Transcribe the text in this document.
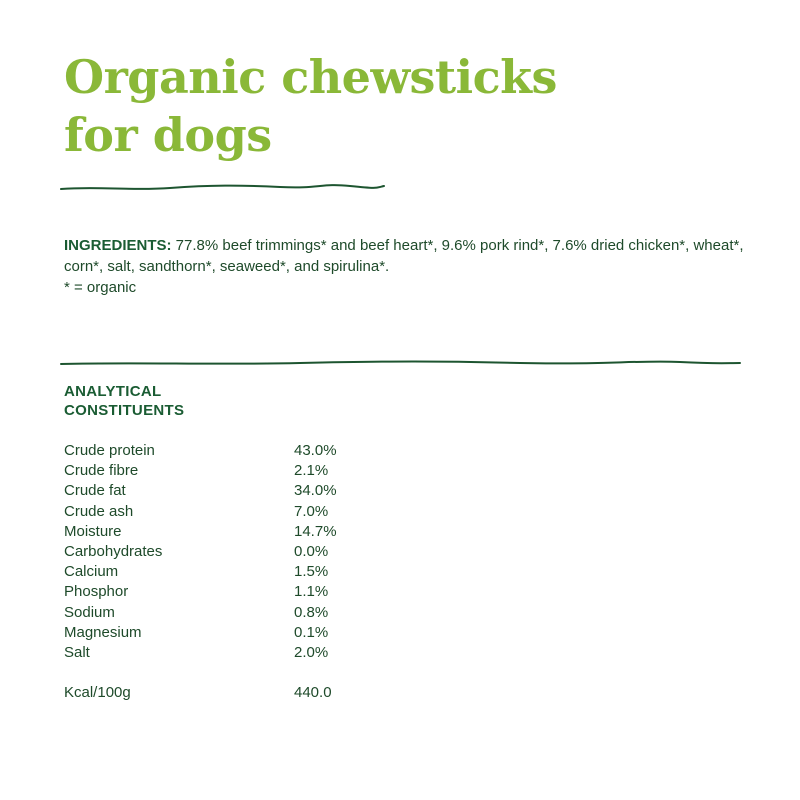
Organic chewsticks
for dogs
INGREDIENTS: 77.8% beef trimmings* and beef heart*, 9.6% pork rind*, 7.6% dried chicken*, wheat*, corn*, salt, sandthorn*, seaweed*, and spirulina*.
* = organic
ANALYTICAL
CONSTITUENTS
Crude protein	43.0%
Crude fibre	2.1%
Crude fat	34.0%
Crude ash	7.0%
Moisture	14.7%
Carbohydrates	0.0%
Calcium	1.5%
Phosphor	1.1%
Sodium	0.8%
Magnesium	0.1%
Salt	2.0%
Kcal/100g	440.0
